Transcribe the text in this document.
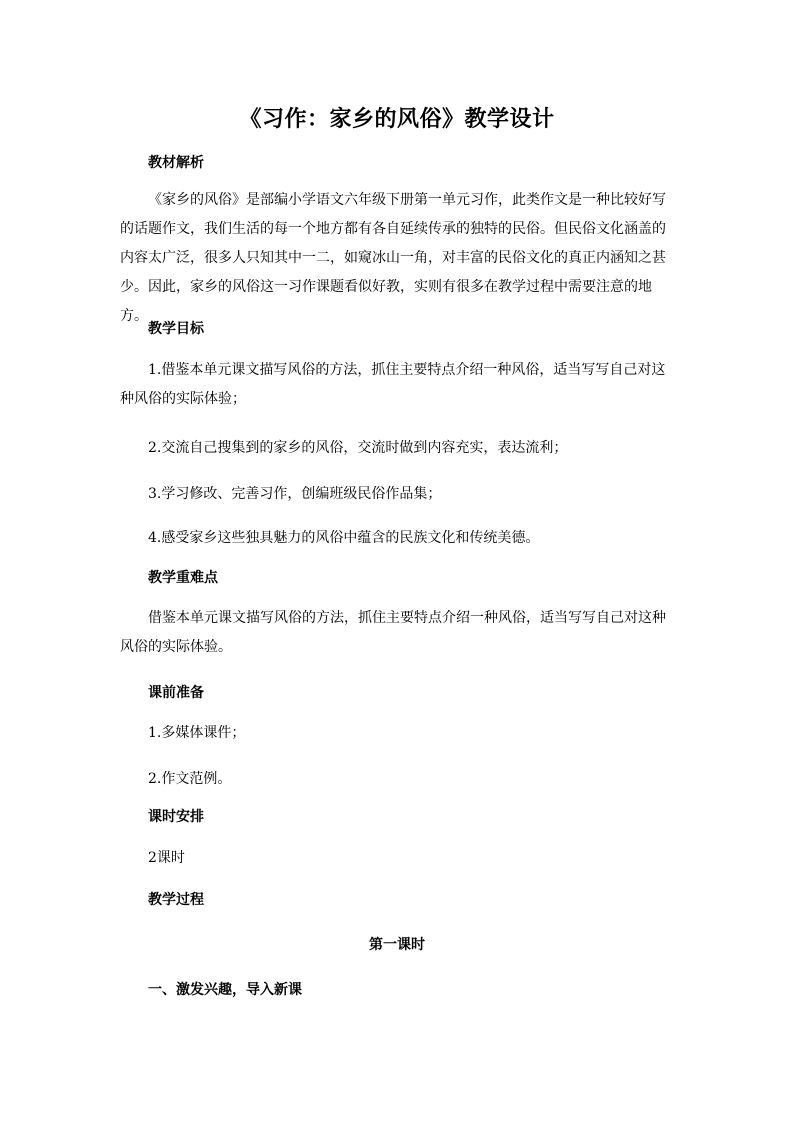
《习作：家乡的风俗》教学设计
教材解析

《家乡的风俗》是部编小学语文六年级下册第一单元习作，此类作文是一种比较好写的话题作文，我们生活的每一个地方都有各自延续传承的独特的民俗。但民俗文化涵盖的内容太广泛，很多人只知其中一二，如窥冰山一角，对丰富的民俗文化的真正内涵知之甚少。因此，家乡的风俗这一习作课题看似好教，实则有很多在教学过程中需要注意的地方。

教学目标

1.借鉴本单元课文描写风俗的方法，抓住主要特点介绍一种风俗，适当写写自己对这种风俗的实际体验；

2.交流自己搜集到的家乡的风俗，交流时做到内容充实，表达流利；
3.学习修改、完善习作，创编班级民俗作品集；
4.感受家乡这些独具魅力的风俗中蕴含的民族文化和传统美德。
教学重难点

借鉴本单元课文描写风俗的方法，抓住主要特点介绍一种风俗，适当写写自己对这种风俗的实际体验。

课前准备
1.多媒体课件；
2.作文范例。
课时安排
2课时
教学过程
第一课时
一、激发兴趣，导入新课
